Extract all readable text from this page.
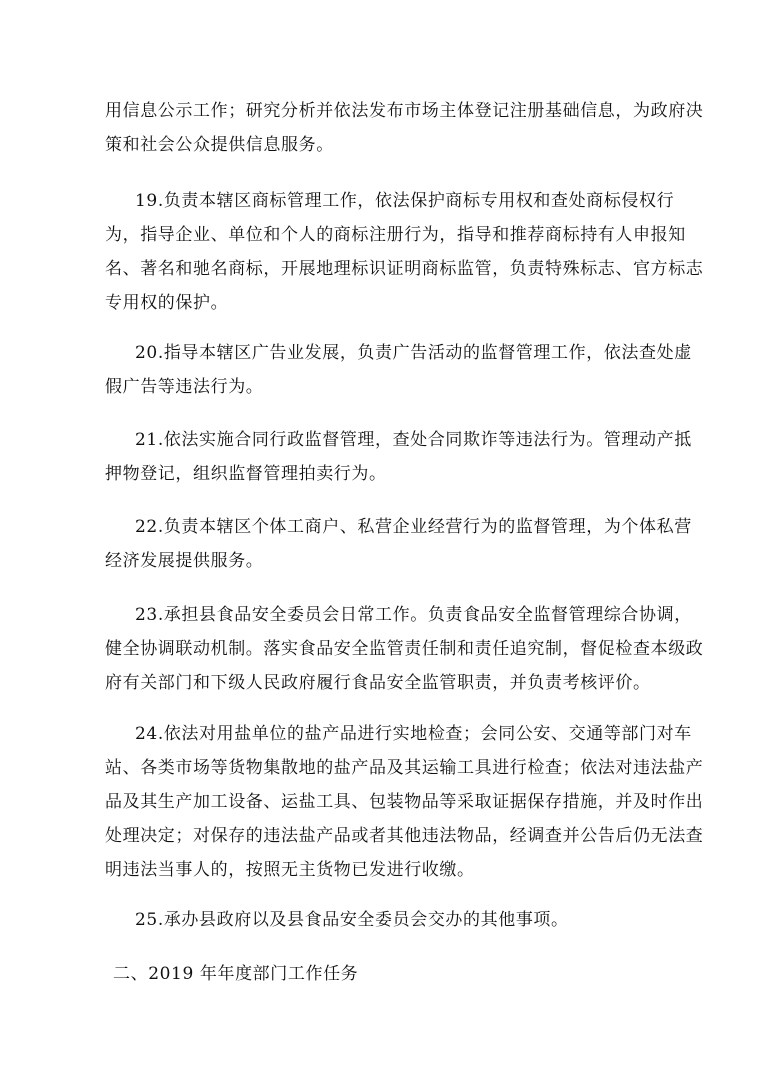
用信息公示工作；研究分析并依法发布市场主体登记注册基础信息，为政府决
策和社会公众提供信息服务。
19.负责本辖区商标管理工作，依法保护商标专用权和查处商标侵权行
为，指导企业、单位和个人的商标注册行为，指导和推荐商标持有人申报知
名、著名和驰名商标，开展地理标识证明商标监管，负责特殊标志、官方标志
专用权的保护。
20.指导本辖区广告业发展，负责广告活动的监督管理工作，依法查处虚
假广告等违法行为。
21.依法实施合同行政监督管理，查处合同欺诈等违法行为。管理动产抵
押物登记，组织监督管理拍卖行为。
22.负责本辖区个体工商户、私营企业经营行为的监督管理，为个体私营
经济发展提供服务。
23.承担县食品安全委员会日常工作。负责食品安全监督管理综合协调，
健全协调联动机制。落实食品安全监管责任制和责任追究制，督促检查本级政
府有关部门和下级人民政府履行食品安全监管职责，并负责考核评价。
24.依法对用盐单位的盐产品进行实地检查；会同公安、交通等部门对车
站、各类市场等货物集散地的盐产品及其运输工具进行检查；依法对违法盐产
品及其生产加工设备、运盐工具、包装物品等采取证据保存措施，并及时作出
处理决定；对保存的违法盐产品或者其他违法物品，经调查并公告后仍无法查
明违法当事人的，按照无主货物已发进行收缴。
25.承办县政府以及县食品安全委员会交办的其他事项。
二、2019 年年度部门工作任务
